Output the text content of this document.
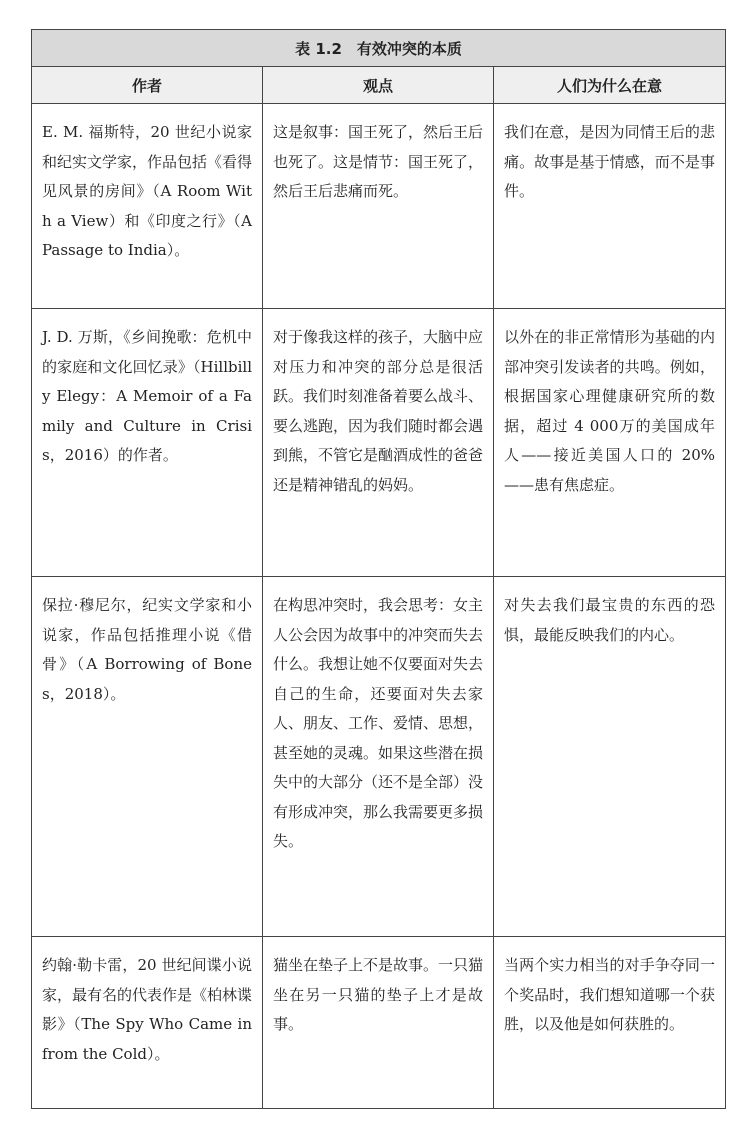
表 1.2　有效冲突的本质		
作者	观点	人们为什么在意
E. M. 福斯特，20 世纪小说家和纪实文学家，作品包括《看得见风景的房间》（A Room With a View）和《印度之行》（A Passage to India）。	这是叙事：国王死了，然后王后也死了。这是情节：国王死了，然后王后悲痛而死。	我们在意，是因为同情王后的悲痛。故事是基于情感，而不是事件。
J. D. 万斯，《乡间挽歌：危机中的家庭和文化回忆录》（Hillbilly Elegy：A Memoir of a Family and Culture in Crisis，2016）的作者。	对于像我这样的孩子，大脑中应对压力和冲突的部分总是很活跃。我们时刻准备着要么战斗、要么逃跑，因为我们随时都会遇到熊，不管它是酗酒成性的爸爸还是精神错乱的妈妈。	以外在的非正常情形为基础的内部冲突引发读者的共鸣。例如，根据国家心理健康研究所的数据，超过 4 000万的美国成年人——接近美国人口的 20%——患有焦虑症。
保拉·穆尼尔，纪实文学家和小说家，作品包括推理小说《借骨》（A Borrowing of Bones，2018）。	在构思冲突时，我会思考：女主人公会因为故事中的冲突而失去什么。我想让她不仅要面对失去自己的生命，还要面对失去家人、朋友、工作、爱情、思想，甚至她的灵魂。如果这些潜在损失中的大部分（还不是全部）没有形成冲突，那么我需要更多损失。	对失去我们最宝贵的东西的恐惧，最能反映我们的内心。
约翰·勒卡雷，20 世纪间谍小说家，最有名的代表作是《柏林谍影》（The Spy Who Came in from the Cold）。	猫坐在垫子上不是故事。一只猫坐在另一只猫的垫子上才是故事。	当两个实力相当的对手争夺同一个奖品时，我们想知道哪一个获胜，以及他是如何获胜的。
